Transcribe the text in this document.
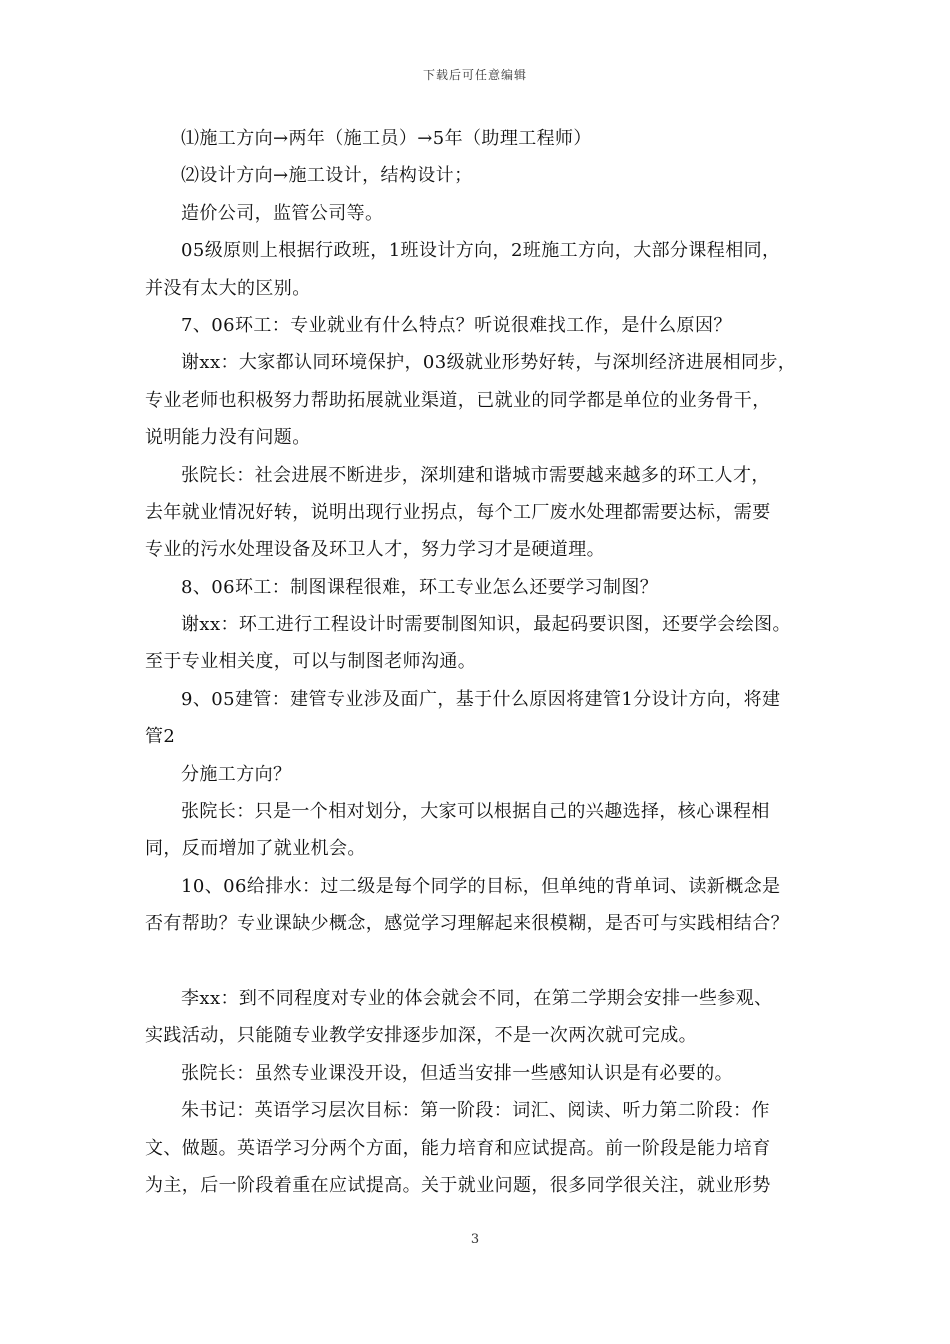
下载后可任意编辑
⑴施工方向→两年（施工员）→5年（助理工程师）
⑵设计方向→施工设计，结构设计；
造价公司，监管公司等。
05级原则上根据行政班，1班设计方向，2班施工方向，大部分课程相同，
并没有太大的区别。
7、06环工：专业就业有什么特点？听说很难找工作，是什么原因？
谢xx：大家都认同环境保护，03级就业形势好转，与深圳经济进展相同步，
专业老师也积极努力帮助拓展就业渠道，已就业的同学都是单位的业务骨干，
说明能力没有问题。
张院长：社会进展不断进步，深圳建和谐城市需要越来越多的环工人才，
去年就业情况好转，说明出现行业拐点，每个工厂废水处理都需要达标，需要
专业的污水处理设备及环卫人才，努力学习才是硬道理。
8、06环工：制图课程很难，环工专业怎么还要学习制图？
谢xx：环工进行工程设计时需要制图知识，最起码要识图，还要学会绘图。
至于专业相关度，可以与制图老师沟通。
9、05建管：建管专业涉及面广，基于什么原因将建管1分设计方向，将建
管2
分施工方向？
张院长：只是一个相对划分，大家可以根据自己的兴趣选择，核心课程相
同，反而增加了就业机会。
10、06给排水：过二级是每个同学的目标，但单纯的背单词、读新概念是
否有帮助？专业课缺少概念，感觉学习理解起来很模糊，是否可与实践相结合？
李xx：到不同程度对专业的体会就会不同，在第二学期会安排一些参观、
实践活动，只能随专业教学安排逐步加深，不是一次两次就可完成。
张院长：虽然专业课没开设，但适当安排一些感知认识是有必要的。
朱书记：英语学习层次目标：第一阶段：词汇、阅读、听力第二阶段：作
文、做题。英语学习分两个方面，能力培育和应试提高。前一阶段是能力培育
为主，后一阶段着重在应试提高。关于就业问题，很多同学很关注，就业形势
3
